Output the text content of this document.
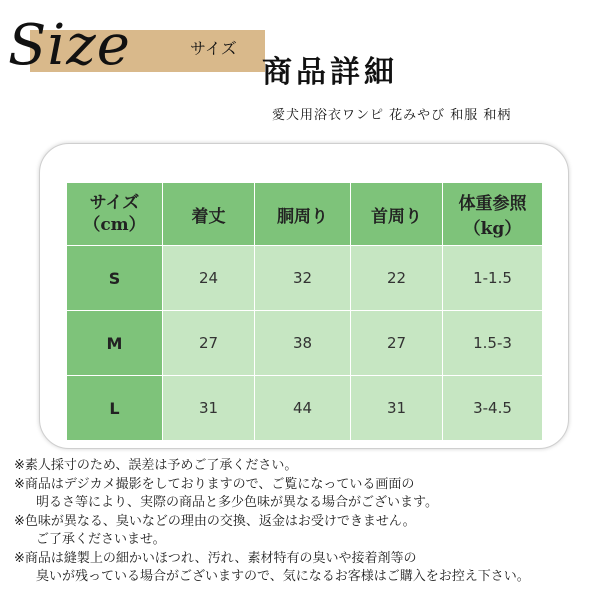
Size	サイズ
商品詳細
愛犬用浴衣ワンピ 花みやび 和服 和柄
サイズ
（cm）	着丈	胴周り	首周り	体重参照
（kg）

S	24	32	22	1-1.5
M	27	38	27	1.5-3
L	31	44	31	3-4.5
※素人採寸のため、誤差は予めご了承ください。
※商品はデジカメ撮影をしておりますので、ご覧になっている画面の
明るさ等により、実際の商品と多少色味が異なる場合がございます。
※色味が異なる、臭いなどの理由の交換、返金はお受けできません。
ご了承くださいませ。
※商品は縫製上の細かいほつれ、汚れ、素材特有の臭いや接着剤等の
臭いが残っている場合がございますので、気になるお客様はご購入をお控え下さい。
